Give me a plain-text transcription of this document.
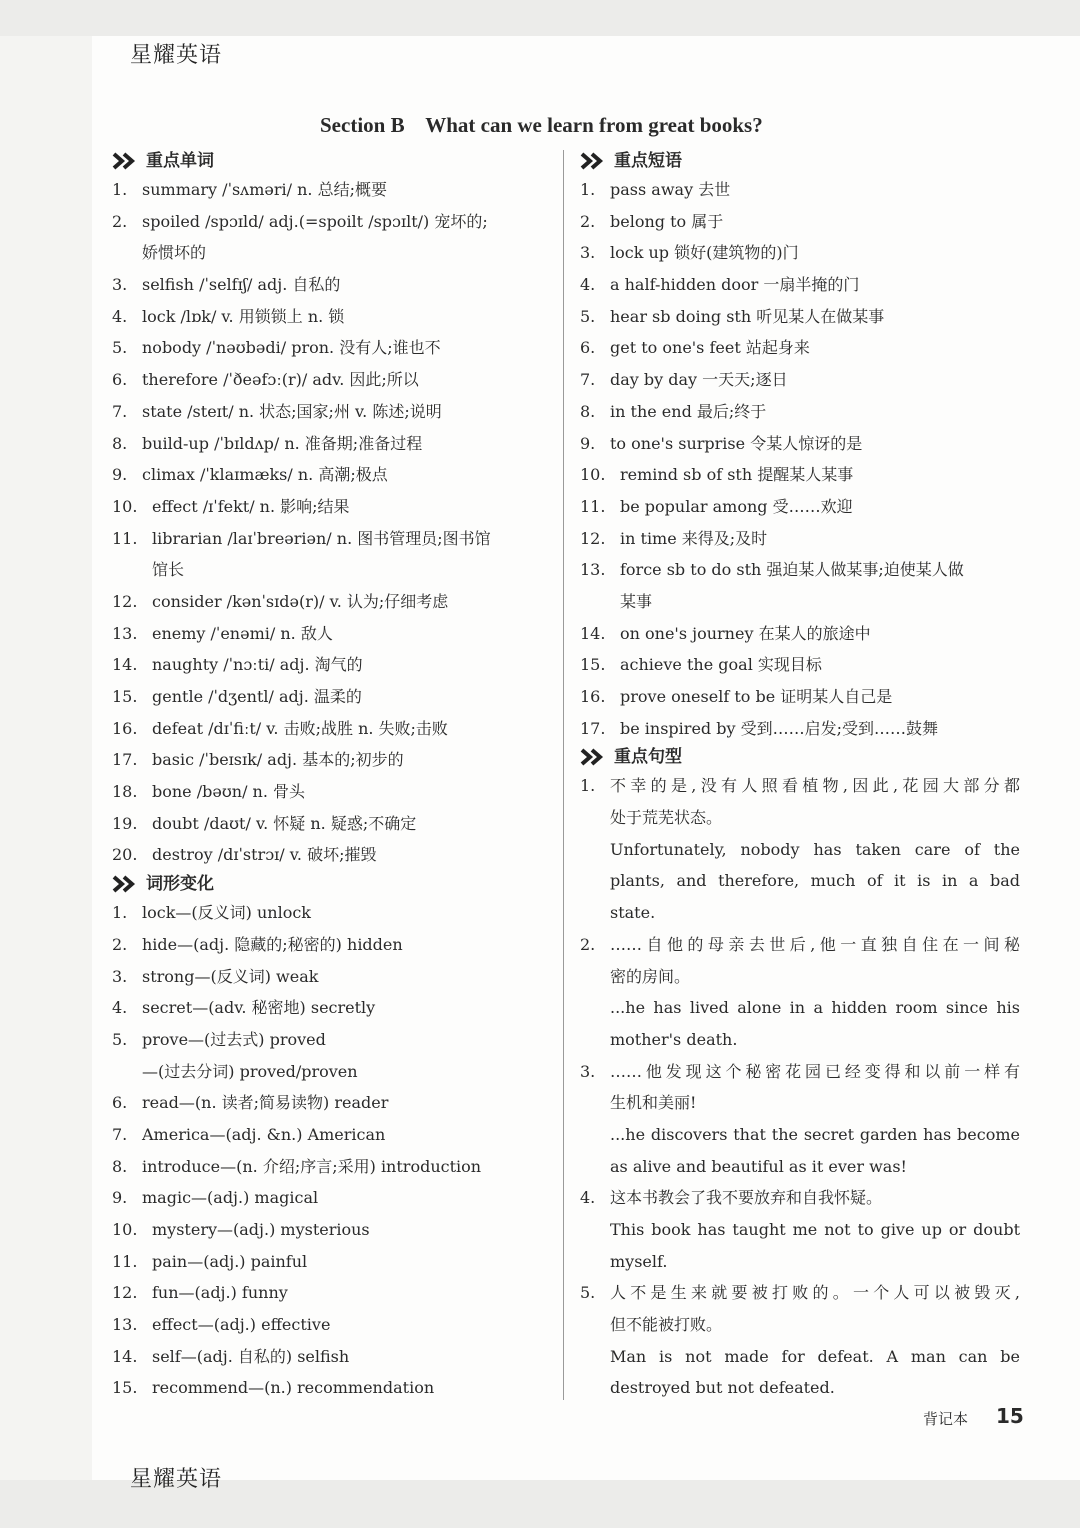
星耀英语
星耀英语
Section B    What can we learn from great books?
重点单词
1. summary /ˈsʌməri/ n. 总结;概要
2. spoiled /spɔɪld/ adj.(=spoilt /spɔɪlt/) 宠坏的;
娇惯坏的
3. selfish /ˈselfɪʃ/ adj. 自私的
4. lock /lɒk/ v. 用锁锁上 n. 锁
5. nobody /ˈnəʊbədi/ pron. 没有人;谁也不
6. therefore /ˈðeəfɔː(r)/ adv. 因此;所以
7. state /steɪt/ n. 状态;国家;州 v. 陈述;说明
8. build-up /ˈbɪldʌp/ n. 准备期;准备过程
9. climax /ˈklaɪmæks/ n. 高潮;极点
10. effect /ɪˈfekt/ n. 影响;结果
11. librarian /laɪˈbreəriən/ n. 图书管理员;图书馆
馆长
12. consider /kənˈsɪdə(r)/ v. 认为;仔细考虑
13. enemy /ˈenəmi/ n. 敌人
14. naughty /ˈnɔːti/ adj. 淘气的
15. gentle /ˈdʒentl/ adj. 温柔的
16. defeat /dɪˈfiːt/ v. 击败;战胜 n. 失败;击败
17. basic /ˈbeɪsɪk/ adj. 基本的;初步的
18. bone /bəʊn/ n. 骨头
19. doubt /daʊt/ v. 怀疑 n. 疑惑;不确定
20. destroy /dɪˈstrɔɪ/ v. 破坏;摧毁
词形变化
1. lock—(反义词) unlock
2. hide—(adj. 隐藏的;秘密的) hidden
3. strong—(反义词) weak
4. secret—(adv. 秘密地) secretly
5. prove—(过去式) proved
—(过去分词) proved/proven
6. read—(n. 读者;简易读物) reader
7. America—(adj. &n.) American
8. introduce—(n. 介绍;序言;采用) introduction
9. magic—(adj.) magical
10. mystery—(adj.) mysterious
11. pain—(adj.) painful
12. fun—(adj.) funny
13. effect—(adj.) effective
14. self—(adj. 自私的) selfish
15. recommend—(n.) recommendation
重点短语
1. pass away 去世
2. belong to 属于
3. lock up 锁好(建筑物的)门
4. a half-hidden door 一扇半掩的门
5. hear sb doing sth 听见某人在做某事
6. get to one's feet 站起身来
7. day by day 一天天;逐日
8. in the end 最后;终于
9. to one's surprise 令某人惊讶的是
10. remind sb of sth 提醒某人某事
11. be popular among 受……欢迎
12. in time 来得及;及时
13. force sb to do sth 强迫某人做某事;迫使某人做
某事
14. on one's journey 在某人的旅途中
15. achieve the goal 实现目标
16. prove oneself to be 证明某人自己是
17. be inspired by 受到……启发;受到……鼓舞
重点句型
1. 不幸的是,没有人照看植物,因此,花园大部分都
处于荒芜状态。
Unfortunately, nobody has taken care of the
plants, and therefore, much of it is in a bad
state.
2. ……自他的母亲去世后,他一直独自住在一间秘
密的房间。
...he has lived alone in a hidden room since his
mother's death.
3. ……他发现这个秘密花园已经变得和以前一样有
生机和美丽!
...he discovers that the secret garden has become
as alive and beautiful as it ever was!
4. 这本书教会了我不要放弃和自我怀疑。
This book has taught me not to give up or doubt
myself.
5. 人不是生来就要被打败的。一个人可以被毁灭,
但不能被打败。
Man is not made for defeat. A man can be
destroyed but not defeated.
背记本 15
